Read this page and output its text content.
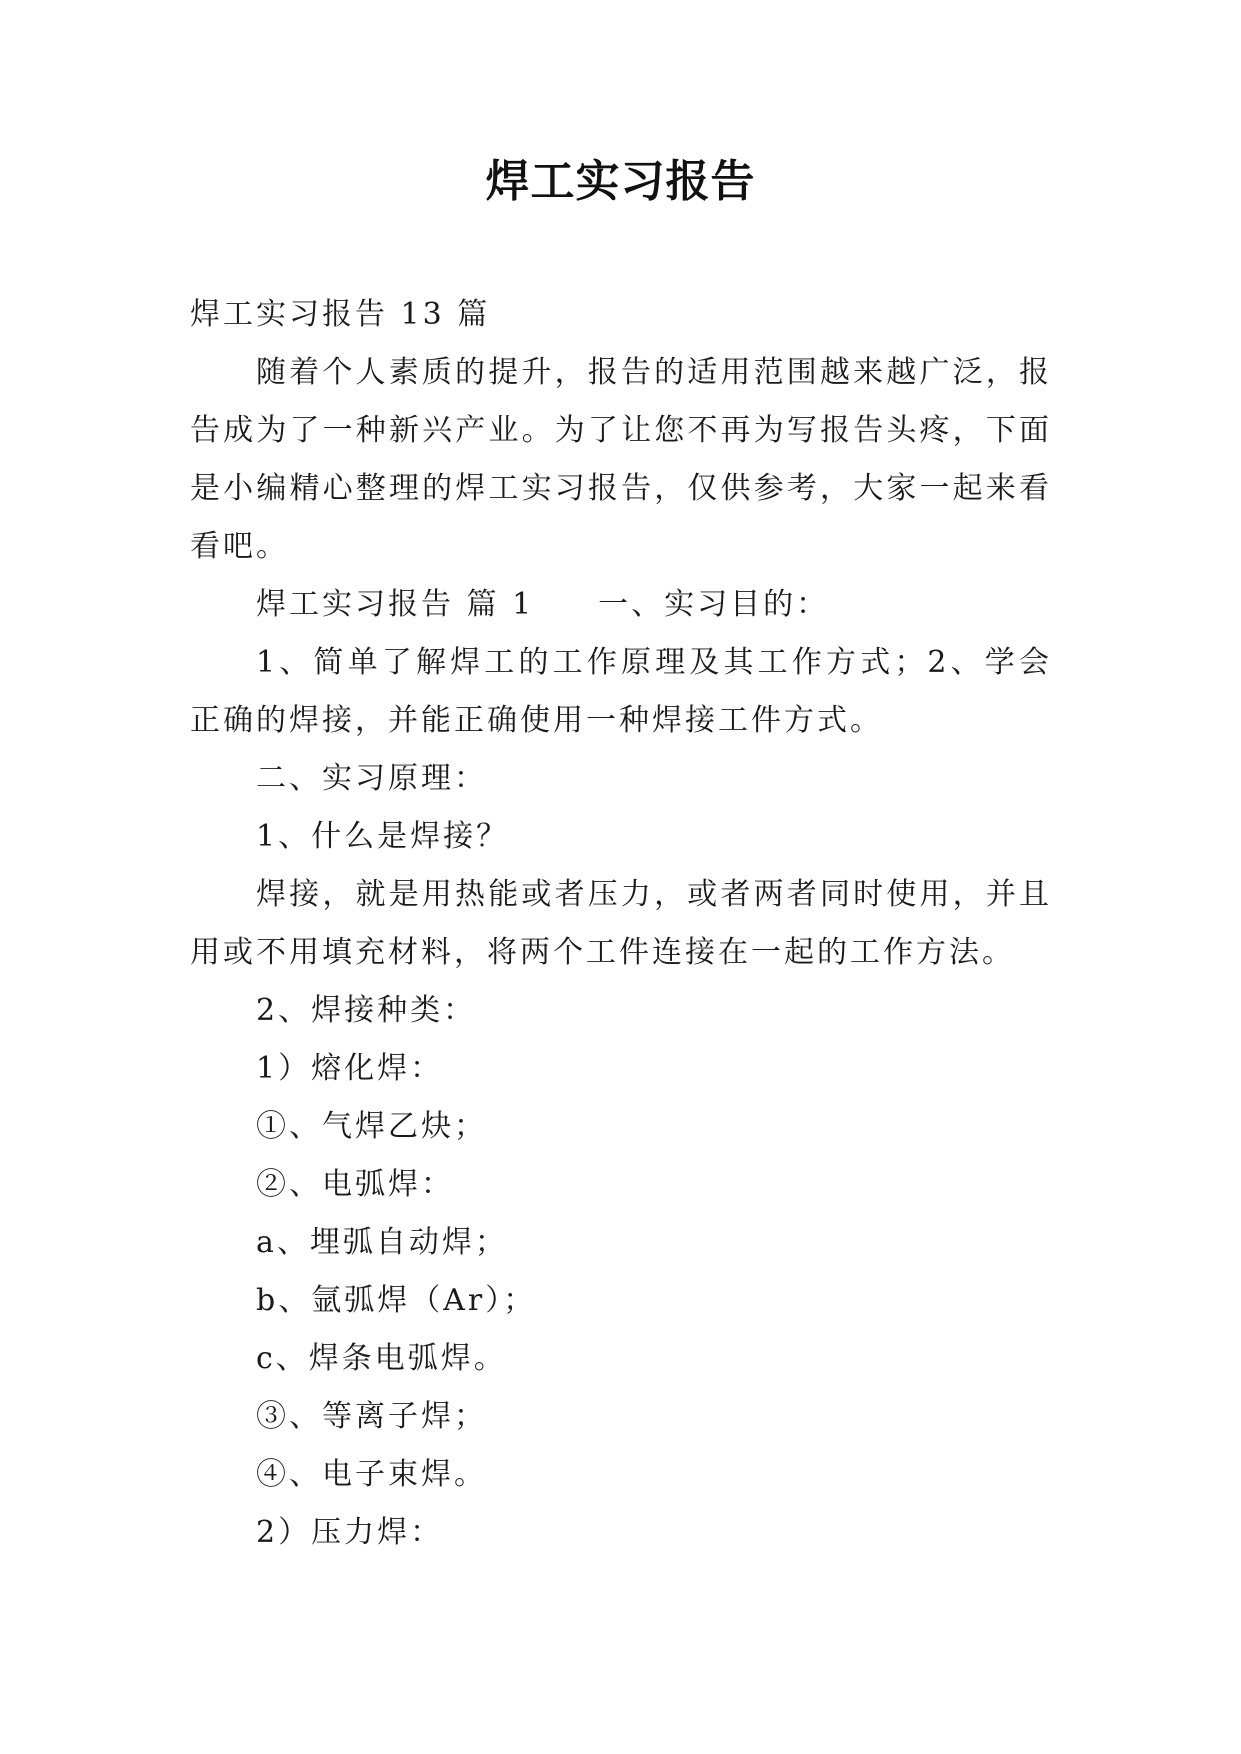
焊工实习报告

焊工实习报告 13 篇

随着个人素质的提升，报告的适用范围越来越广泛，报告成为了一种新兴产业。为了让您不再为写报告头疼，下面是小编精心整理的焊工实习报告，仅供参考，大家一起来看看吧。

焊工实习报告 篇 1 一、实习目的：

1、简单了解焊工的工作原理及其工作方式；2、学会正确的焊接，并能正确使用一种焊接工件方式。

二、实习原理：

1、什么是焊接？

焊接，就是用热能或者压力，或者两者同时使用，并且用或不用填充材料，将两个工件连接在一起的工作方法。

2、焊接种类：

1）熔化焊：

①、气焊乙炔；

②、电弧焊：

a、埋弧自动焊；

b、氩弧焊（Ar）；

c、焊条电弧焊。

③、等离子焊；

④、电子束焊。

2）压力焊：
